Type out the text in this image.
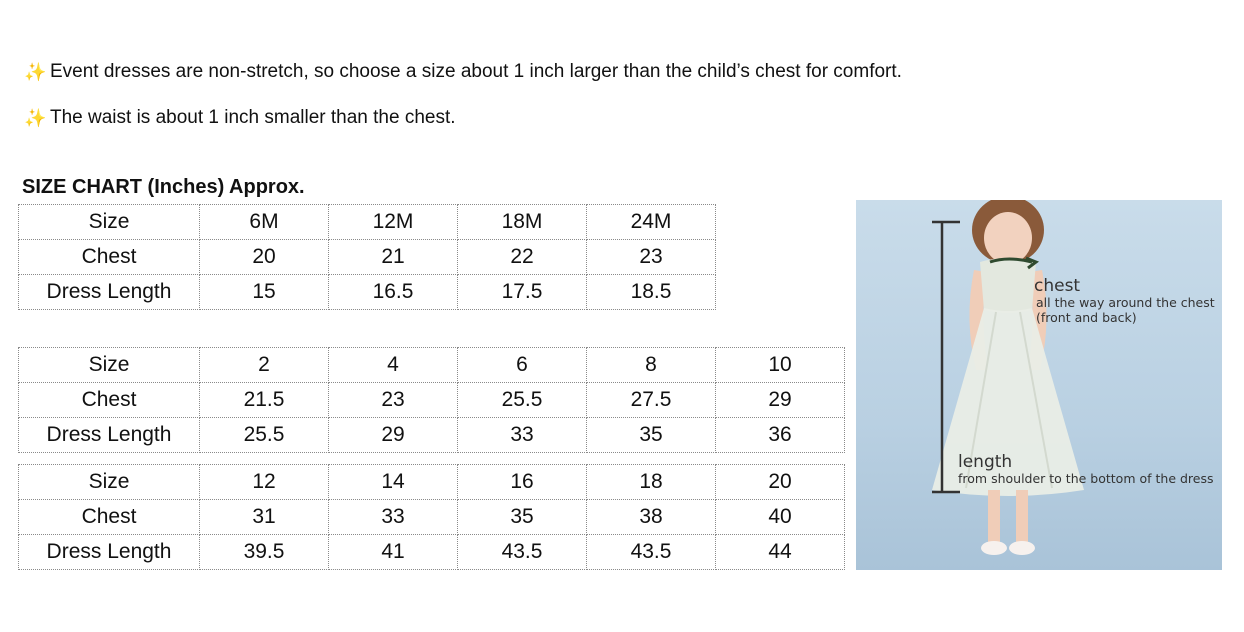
✨ Event dresses are non-stretch, so choose a size about 1 inch larger than the child’s chest for comfort.
✨ The waist is about 1 inch smaller than the chest.
SIZE CHART (Inches) Approx.
Size	6M	12M	18M	24M
Chest	20	21	22	23
Dress Length	15	16.5	17.5	18.5
Size	2	4	6	8	10
Chest	21.5	23	25.5	27.5	29
Dress Length	25.5	29	33	35	36
Size	12	14	16	18	20
Chest	31	33	35	38	40
Dress Length	39.5	41	43.5	43.5	44
chest
all the way around the chest
(front and back)
length
from shoulder to the bottom of the dress
